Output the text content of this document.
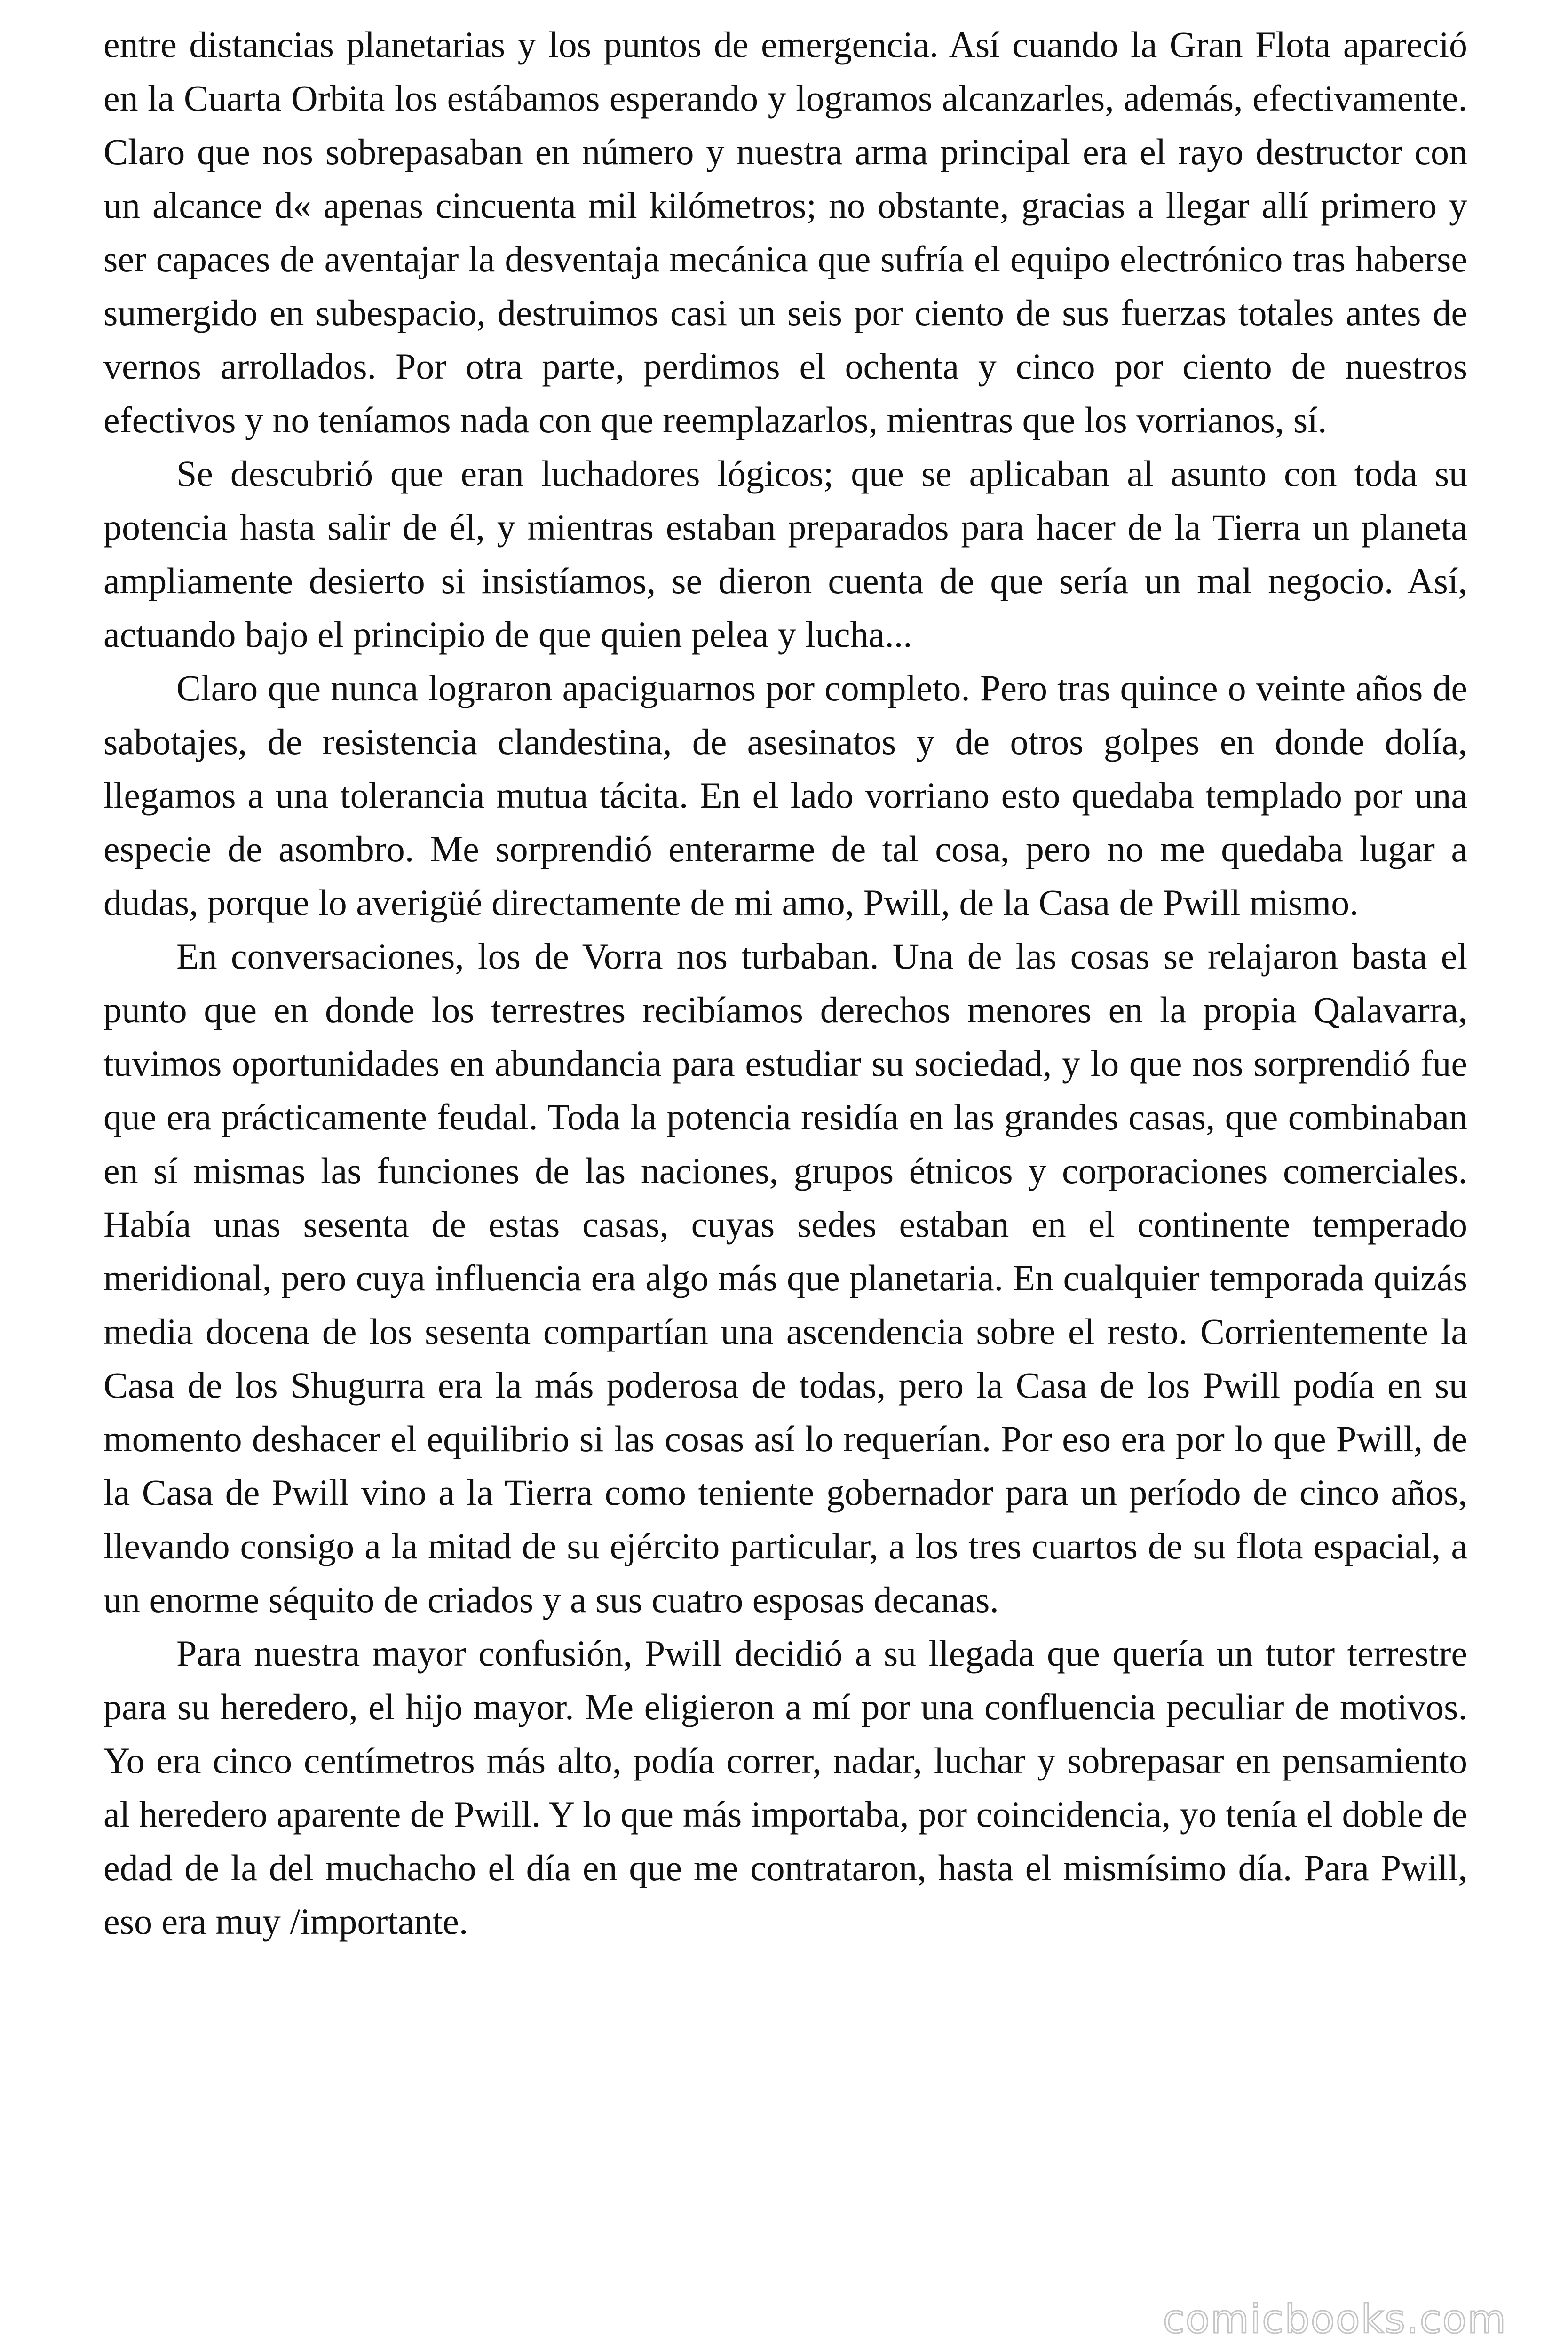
entre distancias planetarias y los puntos de emergencia. Así cuando la Gran Flota apareció en la Cuarta Orbita los estábamos esperando y logramos alcanzarles, además, efectivamente. Claro que nos sobrepasaban en número y nuestra arma principal era el rayo destructor con un alcance d« apenas cincuenta mil kilómetros; no obstante, gracias a llegar allí primero y ser capaces de aventajar la desventaja mecánica que sufría el equipo electrónico tras haberse sumergido en subespacio, destruimos casi un seis por ciento de sus fuerzas totales antes de vernos arrollados. Por otra parte, perdimos el ochenta y cinco por ciento de nuestros efectivos y no teníamos nada con que reemplazarlos, mientras que los vorrianos, sí.

Se descubrió que eran luchadores lógicos; que se aplicaban al asunto con toda su potencia hasta salir de él, y mientras estaban preparados para hacer de la Tierra un planeta ampliamente desierto si insistíamos, se dieron cuenta de que sería un mal negocio. Así, actuando bajo el principio de que quien pelea y lucha...

Claro que nunca lograron apaciguarnos por completo. Pero tras quince o veinte años de sabotajes, de resistencia clandestina, de asesinatos y de otros golpes en donde dolía, llegamos a una tolerancia mutua tácita. En el lado vorriano esto quedaba templado por una especie de asombro. Me sorprendió enterarme de tal cosa, pero no me quedaba lugar a dudas, porque lo averigüé directamente de mi amo, Pwill, de la Casa de Pwill mismo.

En conversaciones, los de Vorra nos turbaban. Una de las cosas se relajaron basta el punto que en donde los terrestres recibíamos derechos menores en la propia Qalavarra, tuvimos oportunidades en abundancia para estudiar su sociedad, y lo que nos sorprendió fue que era prácticamente feudal. Toda la potencia residía en las grandes casas, que combinaban en sí mismas las funciones de las naciones, grupos étnicos y corporaciones comerciales. Había unas sesenta de estas casas, cuyas sedes estaban en el continente temperado meridional, pero cuya influencia era algo más que planetaria. En cualquier temporada quizás media docena de los sesenta compartían una ascendencia sobre el resto. Corrientemente la Casa de los Shugurra era la más poderosa de todas, pero la Casa de los Pwill podía en su momento deshacer el equilibrio si las cosas así lo requerían. Por eso era por lo que Pwill, de la Casa de Pwill vino a la Tierra como teniente gobernador para un período de cinco años, llevando consigo a la mitad de su ejército particular, a los tres cuartos de su flota espacial, a un enorme séquito de criados y a sus cuatro esposas decanas.

Para nuestra mayor confusión, Pwill decidió a su llegada que quería un tutor terrestre para su heredero, el hijo mayor. Me eligieron a mí por una confluencia peculiar de motivos. Yo era cinco centímetros más alto, podía correr, nadar, luchar y sobrepasar en pensamiento al heredero aparente de Pwill. Y lo que más importaba, por coincidencia, yo tenía el doble de edad de la del muchacho el día en que me contrataron, hasta el mismísimo día. Para Pwill, eso era muy /importante.

comicbooks.com
